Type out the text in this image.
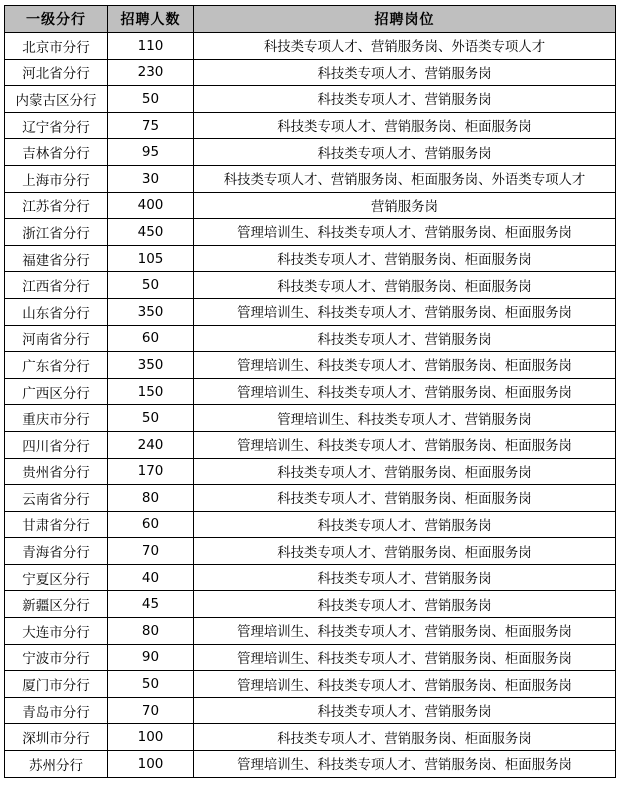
一级分行	招聘人数	招聘岗位
北京市分行	110	科技类专项人才、营销服务岗、外语类专项人才
河北省分行	230	科技类专项人才、营销服务岗
内蒙古区分行	50	科技类专项人才、营销服务岗
辽宁省分行	75	科技类专项人才、营销服务岗、柜面服务岗
吉林省分行	95	科技类专项人才、营销服务岗
上海市分行	30	科技类专项人才、营销服务岗、柜面服务岗、外语类专项人才
江苏省分行	400	营销服务岗
浙江省分行	450	管理培训生、科技类专项人才、营销服务岗、柜面服务岗
福建省分行	105	科技类专项人才、营销服务岗、柜面服务岗
江西省分行	50	科技类专项人才、营销服务岗、柜面服务岗
山东省分行	350	管理培训生、科技类专项人才、营销服务岗、柜面服务岗
河南省分行	60	科技类专项人才、营销服务岗
广东省分行	350	管理培训生、科技类专项人才、营销服务岗、柜面服务岗
广西区分行	150	管理培训生、科技类专项人才、营销服务岗、柜面服务岗
重庆市分行	50	管理培训生、科技类专项人才、营销服务岗
四川省分行	240	管理培训生、科技类专项人才、营销服务岗、柜面服务岗
贵州省分行	170	科技类专项人才、营销服务岗、柜面服务岗
云南省分行	80	科技类专项人才、营销服务岗、柜面服务岗
甘肃省分行	60	科技类专项人才、营销服务岗
青海省分行	70	科技类专项人才、营销服务岗、柜面服务岗
宁夏区分行	40	科技类专项人才、营销服务岗
新疆区分行	45	科技类专项人才、营销服务岗
大连市分行	80	管理培训生、科技类专项人才、营销服务岗、柜面服务岗
宁波市分行	90	管理培训生、科技类专项人才、营销服务岗、柜面服务岗
厦门市分行	50	管理培训生、科技类专项人才、营销服务岗、柜面服务岗
青岛市分行	70	科技类专项人才、营销服务岗
深圳市分行	100	科技类专项人才、营销服务岗、柜面服务岗
苏州分行	100	管理培训生、科技类专项人才、营销服务岗、柜面服务岗
